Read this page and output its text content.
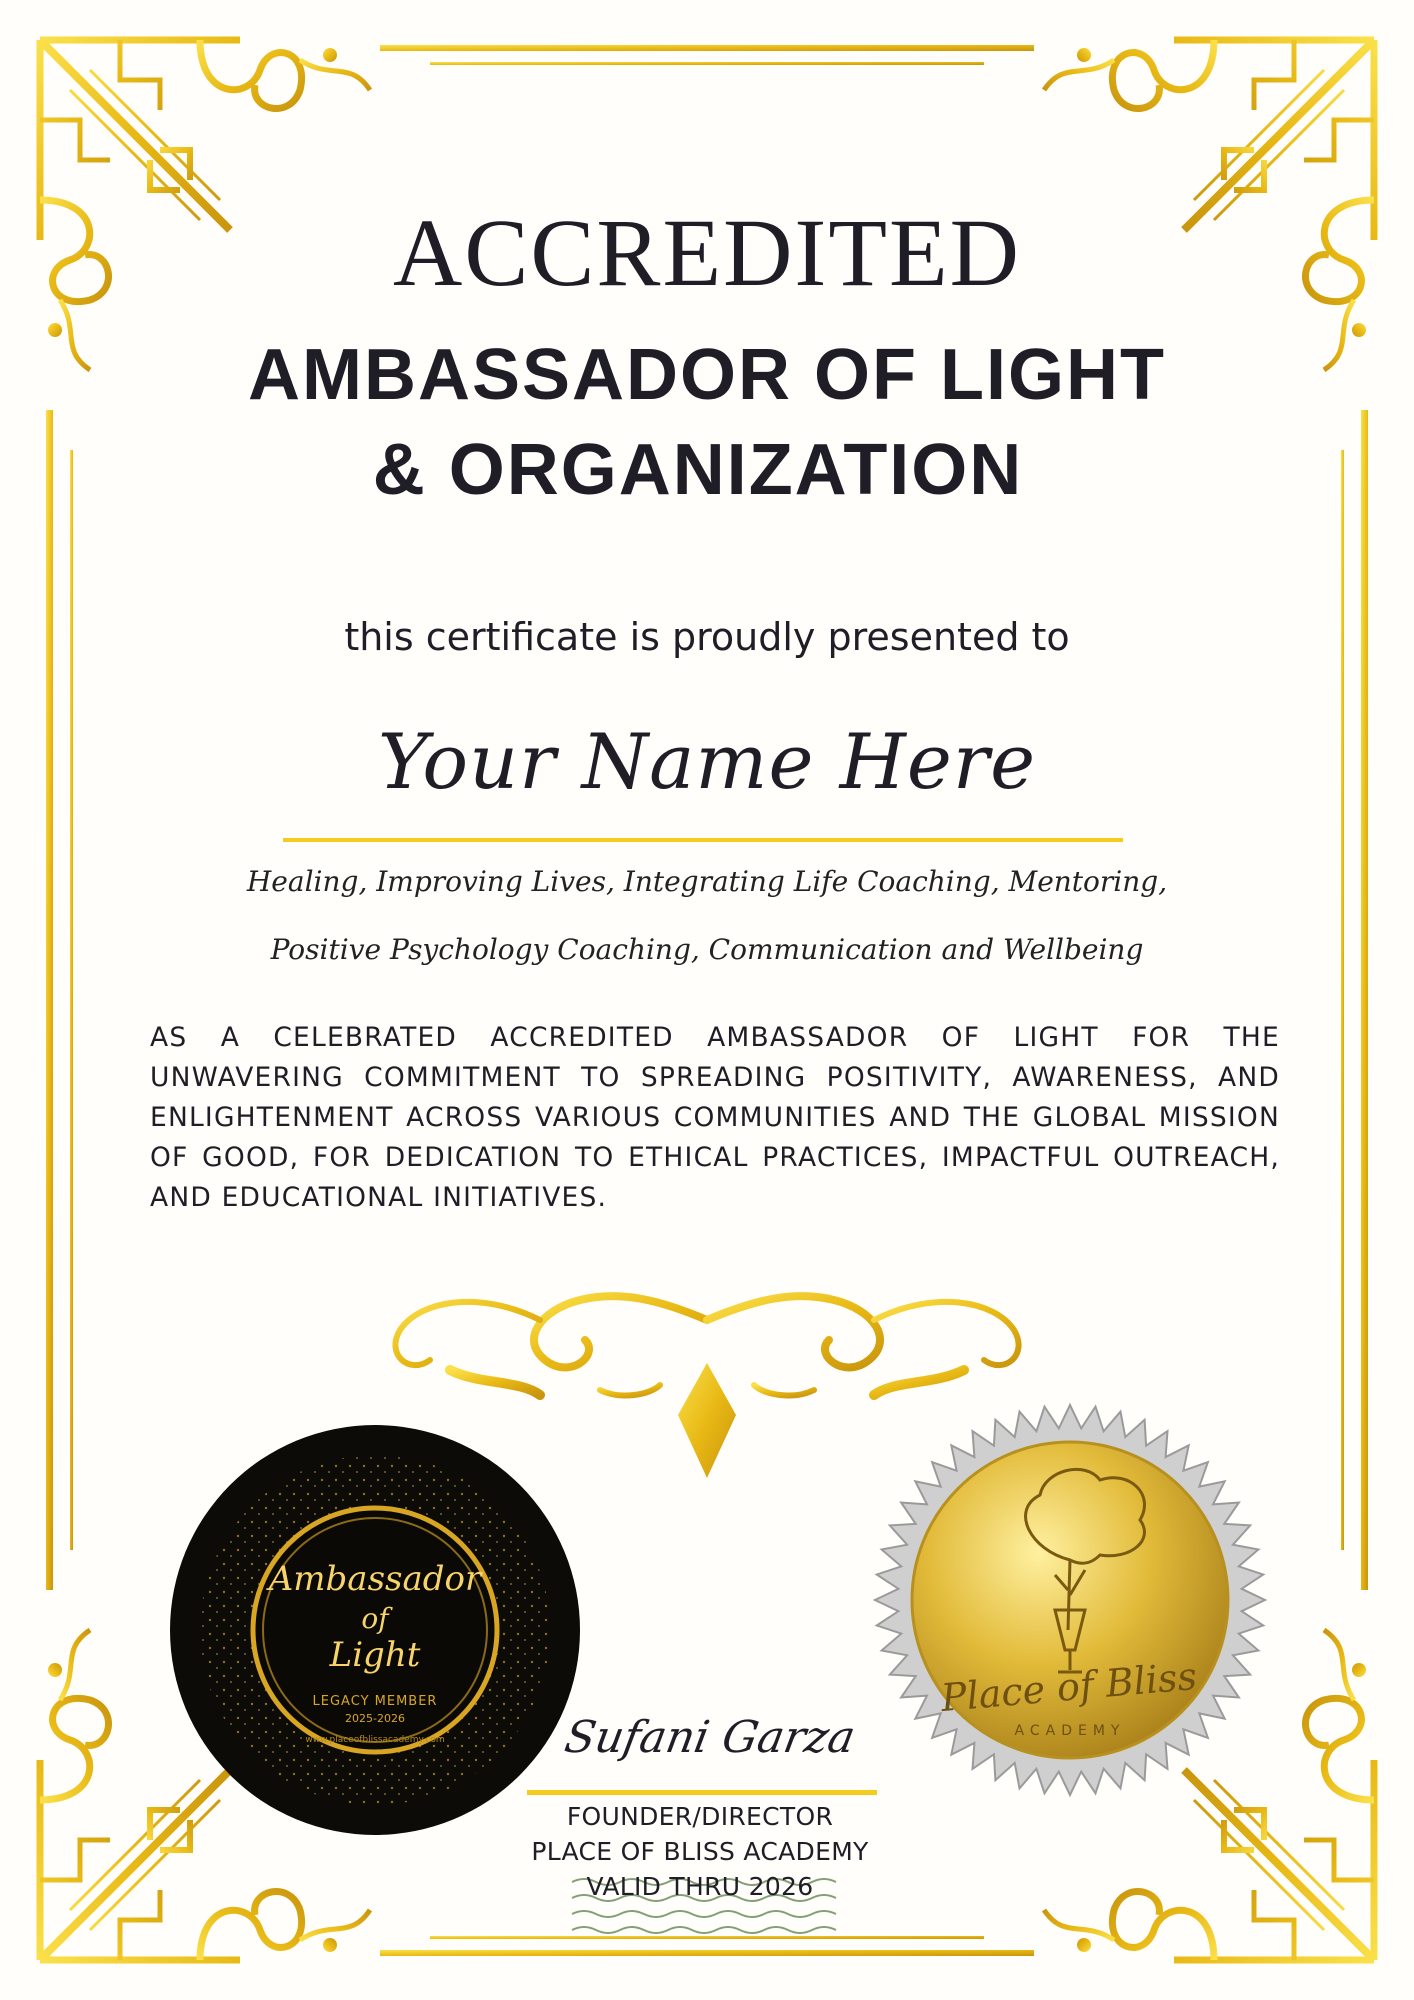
ACCREDITED
AMBASSADOR OF LIGHT
& ORGANIZATION
this certificate is proudly presented to
Your Name Here
Healing, Improving Lives, Integrating Life Coaching, Mentoring,
Positive Psychology Coaching, Communication and Wellbeing
AS A CELEBRATED ACCREDITED AMBASSADOR OF LIGHT FOR THE UNWAVERING COMMITMENT TO SPREADING POSITIVITY, AWARENESS, AND ENLIGHTENMENT ACROSS VARIOUS COMMUNITIES AND THE GLOBAL MISSION OF GOOD, FOR DEDICATION TO ETHICAL PRACTICES, IMPACTFUL OUTREACH, AND EDUCATIONAL INITIATIVES.
Ambassador
of
Light
LEGACY MEMBER
2025-2026
www.placeofblissacademy.com
Place of Bliss
ACADEMY
Sufani Garza
FOUNDER/DIRECTOR
PLACE OF BLISS ACADEMY
VALID THRU 2026
